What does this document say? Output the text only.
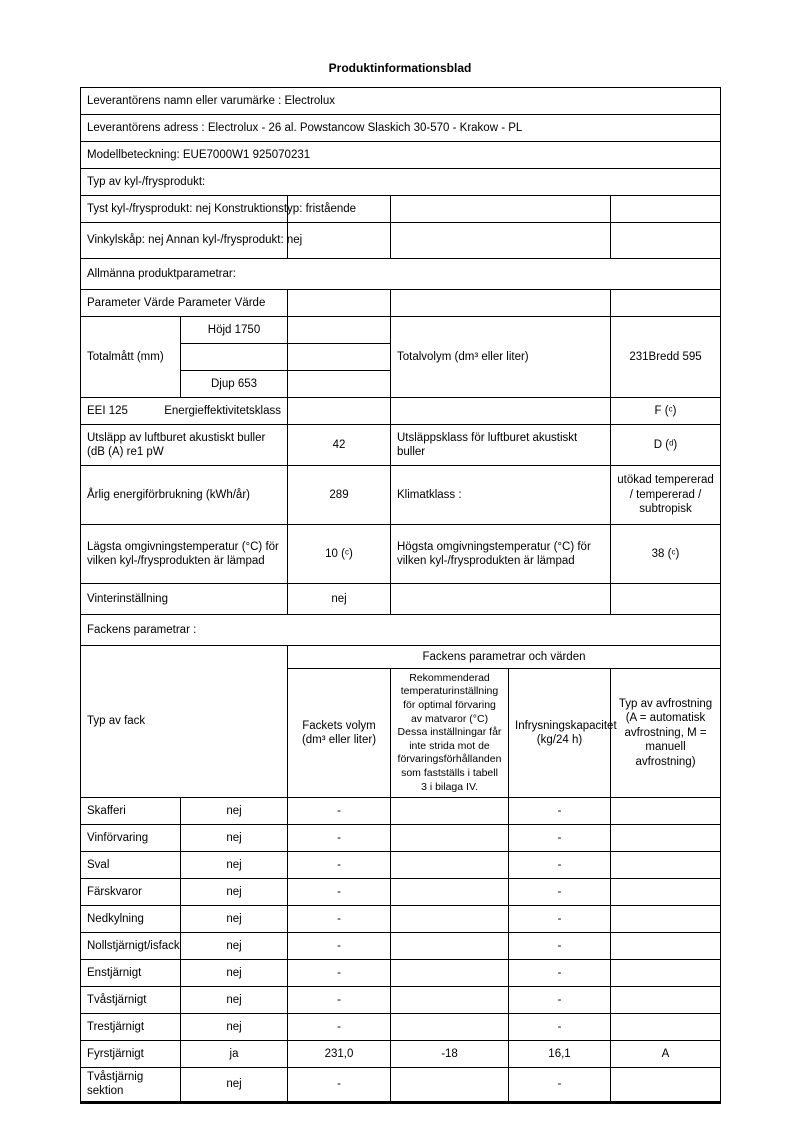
Produktinformationsblad
Leverantörens namn eller varumärke : Electrolux					
Leverantörens adress : Electrolux - 26 al. Powstancow Slaskich 30-570 - Krakow - PL					
Modellbeteckning: EUE7000W1 925070231					
Typ av kyl-/frysprodukt:					
Tyst kyl-/frysprodukt: nej Konstruktionstyp: fristående					
Vinkylskåp: nej Annan kyl-/frysprodukt: nej					
Allmänna produktparametrar:					
Parameter Värde Parameter Värde					
Totalmått (mm)	Höjd 1750		Totalvolym (dm³ eller liter)		231Bredd 595

	Djup 653				

EEI 125 Energieffektivitetsklass					F (ᶜ)
Utsläpp av luftburet akustiskt buller (dB (A) re1 pW		42	Utsläppsklass för luftburet akustiskt buller		D (ᵈ)
Årlig energiförbrukning (kWh/år)		289	Klimatklass :		utökad tempererad / tempererad / subtropisk
Lägsta omgivningstemperatur (°C) för vilken kyl-/frysprodukten är lämpad		10 (ᶜ)	Högsta omgivningstemperatur (°C) för vilken kyl-/frysprodukten är lämpad		38 (ᶜ)
Vinterinställning		nej			
Fackens parametrar :					
Typ av fack		Fackens parametrar och värden			
		Fackets volym (dm³ eller liter)	Rekommenderad temperaturinställning för optimal förvaring av matvaror (°C) Dessa inställningar får inte strida mot de förvaringsförhållanden som fastställs i tabell 3 i bilaga IV.	Infrysningskapacitet (kg/24 h)	Typ av avfrostning (A = automatisk avfrostning, M = manuell avfrostning)
Skafferi	nej	-		-	
Vinförvaring	nej	-		-	
Sval	nej	-		-	
Färskvaror	nej	-		-	
Nedkylning	nej	-		-	
Nollstjärnigt/isfack	nej	-		-	
Enstjärnigt	nej	-		-	
Tvåstjärnigt	nej	-		-	
Trestjärnigt	nej	-		-	
Fyrstjärnigt	ja	231,0	-18	16,1	A
Tvåstjärnig sektion	nej	-		-	
